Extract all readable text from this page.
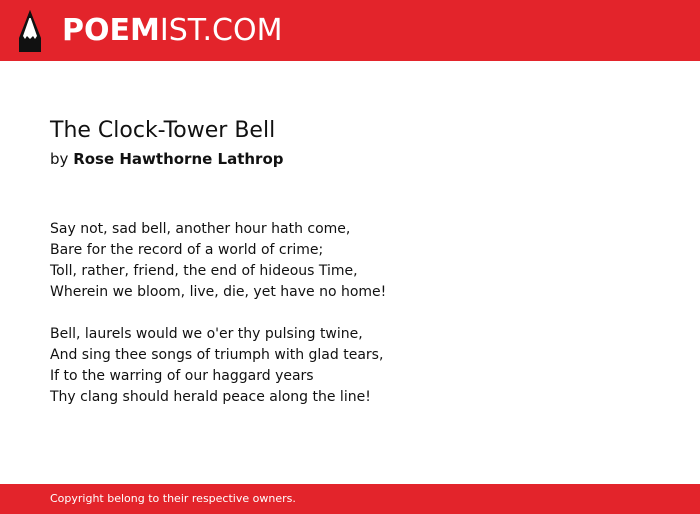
POEMIST.COM
The Clock-Tower Bell
by Rose Hawthorne Lathrop
Say not, sad bell, another hour hath come,
Bare for the record of a world of crime;
Toll, rather, friend, the end of hideous Time,
Wherein we bloom, live, die, yet have no home!
Bell, laurels would we o'er thy pulsing twine,
And sing thee songs of triumph with glad tears,
If to the warring of our haggard years
Thy clang should herald peace along the line!
Copyright belong to their respective owners.
